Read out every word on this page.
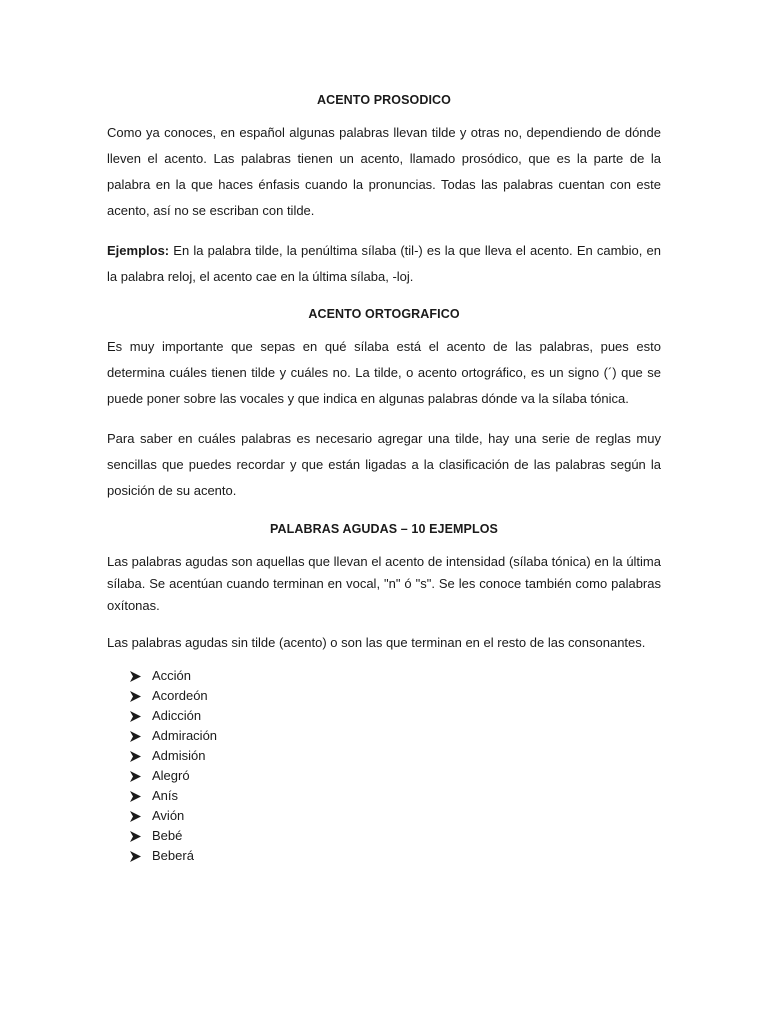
ACENTO PROSODICO
Como ya conoces, en español algunas palabras llevan tilde y otras no, dependiendo de dónde lleven el acento. Las palabras tienen un acento, llamado prosódico, que es la parte de la palabra en la que haces énfasis cuando la pronuncias. Todas las palabras cuentan con este acento, así no se escriban con tilde.
Ejemplos: En la palabra tilde, la penúltima sílaba (til-) es la que lleva el acento. En cambio, en la palabra reloj, el acento cae en la última sílaba, -loj.
ACENTO ORTOGRAFICO
Es muy importante que sepas en qué sílaba está el acento de las palabras, pues esto determina cuáles tienen tilde y cuáles no. La tilde, o acento ortográfico, es un signo (´) que se puede poner sobre las vocales y que indica en algunas palabras dónde va la sílaba tónica.
Para saber en cuáles palabras es necesario agregar una tilde, hay una serie de reglas muy sencillas que puedes recordar y que están ligadas a la clasificación de las palabras según la posición de su acento.
PALABRAS AGUDAS – 10 EJEMPLOS
Las palabras agudas son aquellas que llevan el acento de intensidad (sílaba tónica) en la última sílaba. Se acentúan cuando terminan en vocal, "n" ó "s". Se les conoce también como palabras oxítonas.
Las palabras agudas sin tilde (acento) o son las que terminan en el resto de las consonantes.
Acción
Acordeón
Adicción
Admiración
Admisión
Alegró
Anís
Avión
Bebé
Beberá
